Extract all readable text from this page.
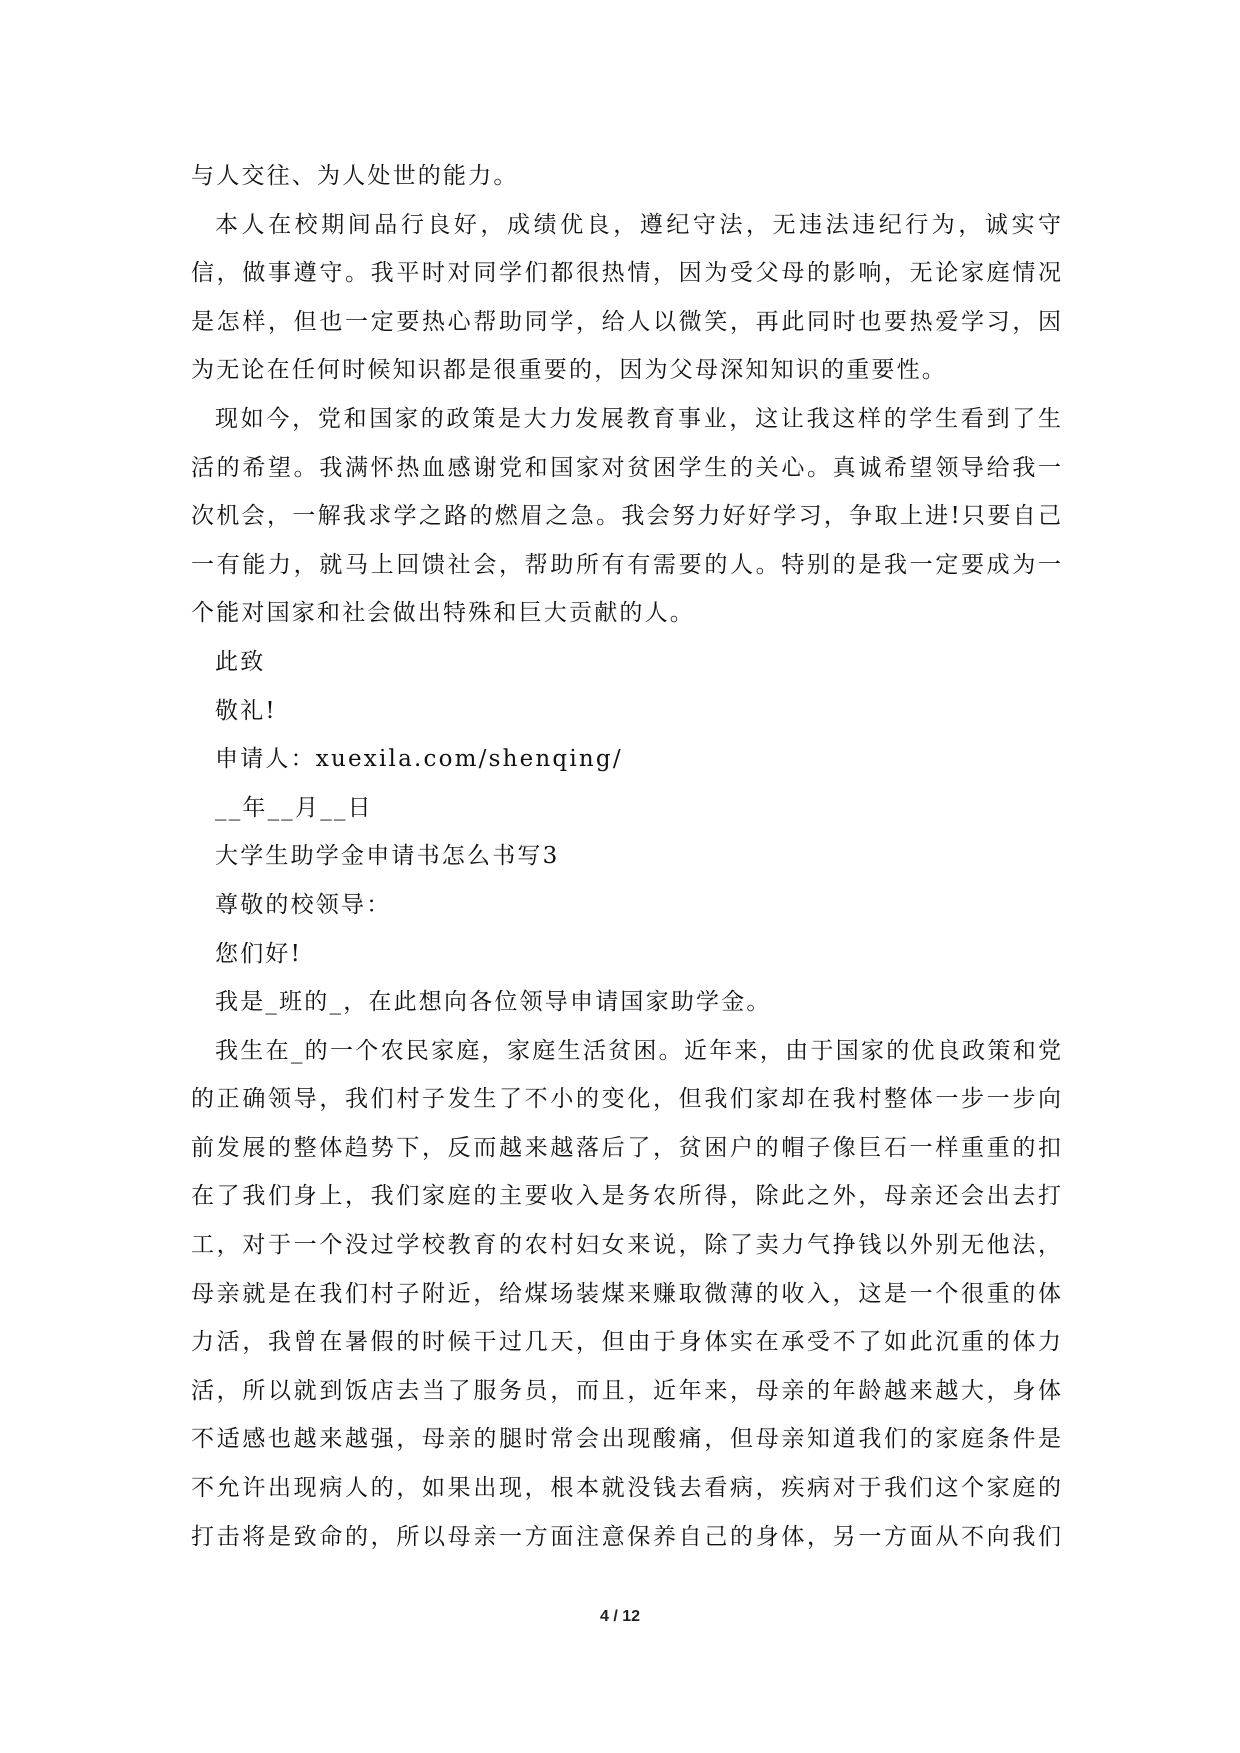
与人交往、为人处世的能力。
本人在校期间品行良好，成绩优良，遵纪守法，无违法违纪行为，诚实守
信，做事遵守。我平时对同学们都很热情，因为受父母的影响，无论家庭情况
是怎样，但也一定要热心帮助同学，给人以微笑，再此同时也要热爱学习，因
为无论在任何时候知识都是很重要的，因为父母深知知识的重要性。
现如今，党和国家的政策是大力发展教育事业，这让我这样的学生看到了生
活的希望。我满怀热血感谢党和国家对贫困学生的关心。真诚希望领导给我一
次机会，一解我求学之路的燃眉之急。我会努力好好学习，争取上进!只要自己
一有能力，就马上回馈社会，帮助所有有需要的人。特别的是我一定要成为一
个能对国家和社会做出特殊和巨大贡献的人。
此致
敬礼!
申请人：xuexila.com/shenqing/
__年__月__日
大学生助学金申请书怎么书写3
尊敬的校领导：
您们好!
我是_班的_，在此想向各位领导申请国家助学金。
我生在_的一个农民家庭，家庭生活贫困。近年来，由于国家的优良政策和党
的正确领导，我们村子发生了不小的变化，但我们家却在我村整体一步一步向
前发展的整体趋势下，反而越来越落后了，贫困户的帽子像巨石一样重重的扣
在了我们身上，我们家庭的主要收入是务农所得，除此之外，母亲还会出去打
工，对于一个没过学校教育的农村妇女来说，除了卖力气挣钱以外别无他法，
母亲就是在我们村子附近，给煤场装煤来赚取微薄的收入，这是一个很重的体
力活，我曾在暑假的时候干过几天，但由于身体实在承受不了如此沉重的体力
活，所以就到饭店去当了服务员，而且，近年来，母亲的年龄越来越大，身体
不适感也越来越强，母亲的腿时常会出现酸痛，但母亲知道我们的家庭条件是
不允许出现病人的，如果出现，根本就没钱去看病，疾病对于我们这个家庭的
打击将是致命的，所以母亲一方面注意保养自己的身体，另一方面从不向我们
4 / 12
